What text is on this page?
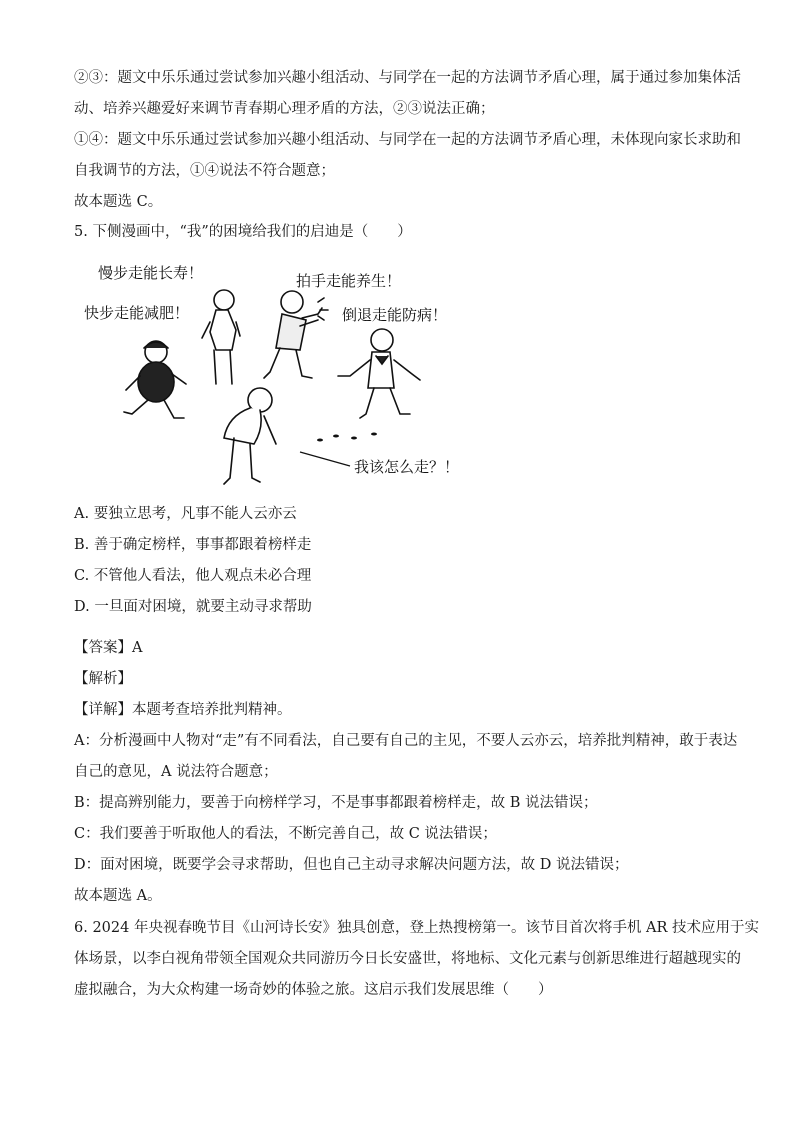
②③：题文中乐乐通过尝试参加兴趣小组活动、与同学在一起的方法调节矛盾心理，属于通过参加集体活
动、培养兴趣爱好来调节青春期心理矛盾的方法，②③说法正确；
①④：题文中乐乐通过尝试参加兴趣小组活动、与同学在一起的方法调节矛盾心理，未体现向家长求助和
自我调节的方法，①④说法不符合题意；
故本题选 C。
5. 下侧漫画中，“我”的困境给我们的启迪是（　　）
慢步走能长寿！	拍手走能养生！
快步走能减肥！	倒退走能防病！
我该怎么走？！
A. 要独立思考，凡事不能人云亦云
B. 善于确定榜样，事事都跟着榜样走
C. 不管他人看法，他人观点未必合理
D. 一旦面对困境，就要主动寻求帮助
【答案】A
【解析】
【详解】本题考查培养批判精神。
A：分析漫画中人物对“走”有不同看法，自己要有自己的主见，不要人云亦云，培养批判精神，敢于表达
自己的意见，A 说法符合题意；
B：提高辨别能力，要善于向榜样学习，不是事事都跟着榜样走，故 B 说法错误；
C：我们要善于听取他人的看法，不断完善自己，故 C 说法错误；
D：面对困境，既要学会寻求帮助，但也自己主动寻求解决问题方法，故 D 说法错误；
故本题选 A。
6. 2024 年央视春晚节目《山河诗长安》独具创意，登上热搜榜第一。该节目首次将手机 AR 技术应用于实
体场景，以李白视角带领全国观众共同游历今日长安盛世，将地标、文化元素与创新思维进行超越现实的
虚拟融合，为大众构建一场奇妙的体验之旅。这启示我们发展思维（　　）
